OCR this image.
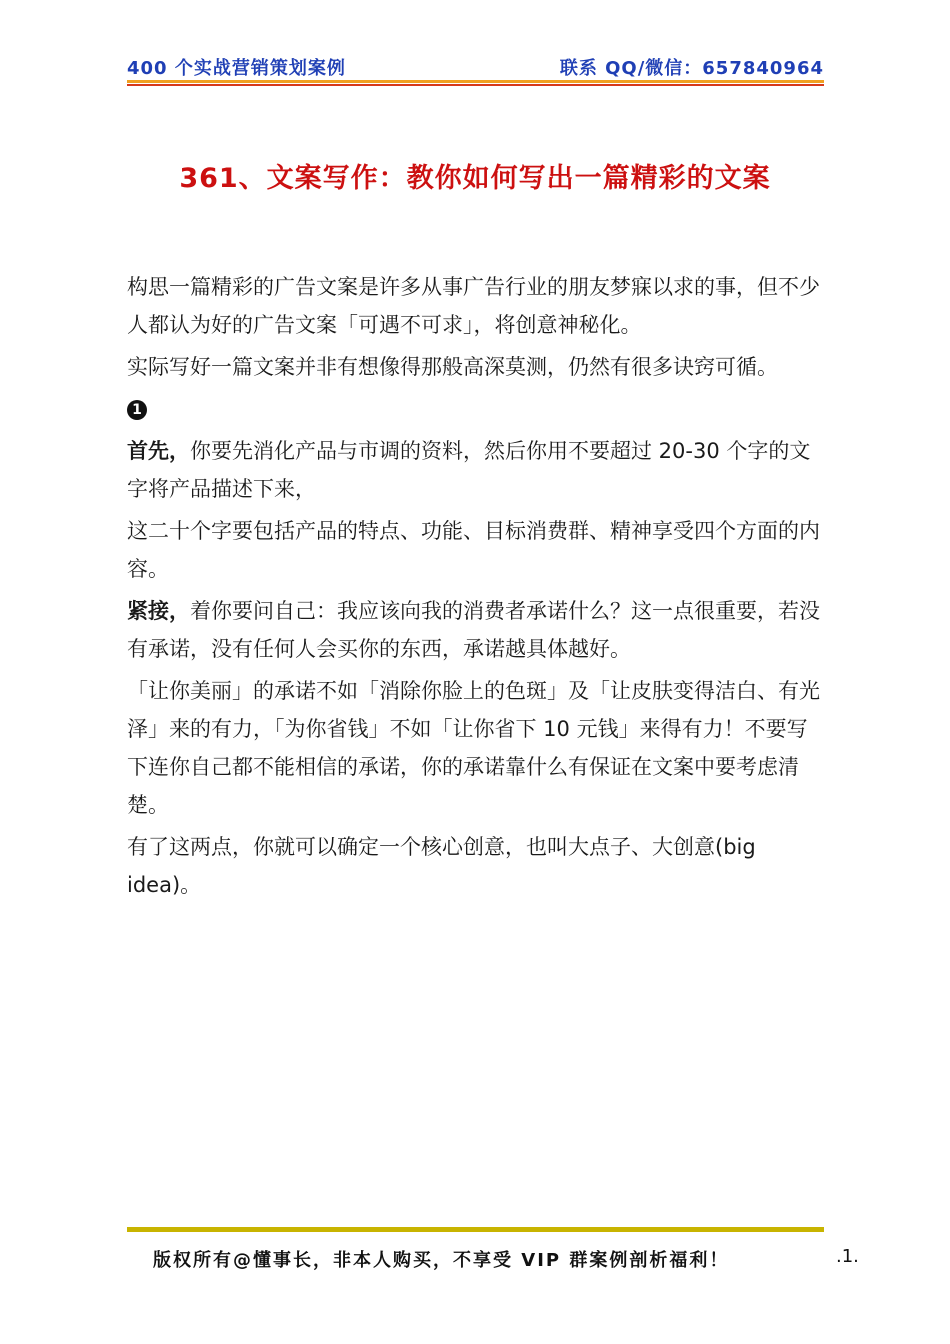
400 个实战营销策划案例	联系 QQ/微信：657840964
361、文案写作：教你如何写出一篇精彩的文案

构思一篇精彩的广告文案是许多从事广告行业的朋友梦寐以求的事，但不少人都认为好的广告文案「可遇不可求」，将创意神秘化。

实际写好一篇文案并非有想像得那般高深莫测，仍然有很多诀窍可循。

1

首先，你要先消化产品与市调的资料，然后你用不要超过 20-30 个字的文字将产品描述下来，

这二十个字要包括产品的特点、功能、目标消费群、精神享受四个方面的内容。

紧接，着你要问自己：我应该向我的消费者承诺什么？这一点很重要，若没有承诺，没有任何人会买你的东西，承诺越具体越好。

「让你美丽」的承诺不如「消除你脸上的色斑」及「让皮肤变得洁白、有光泽」来的有力，「为你省钱」不如「让你省下 10 元钱」来得有力！不要写下连你自己都不能相信的承诺，你的承诺靠什么有保证在文案中要考虑清楚。

有了这两点，你就可以确定一个核心创意，也叫大点子、大创意(big idea)。

版权所有@懂事长，非本人购买，不享受 VIP 群案例剖析福利！	.1.
